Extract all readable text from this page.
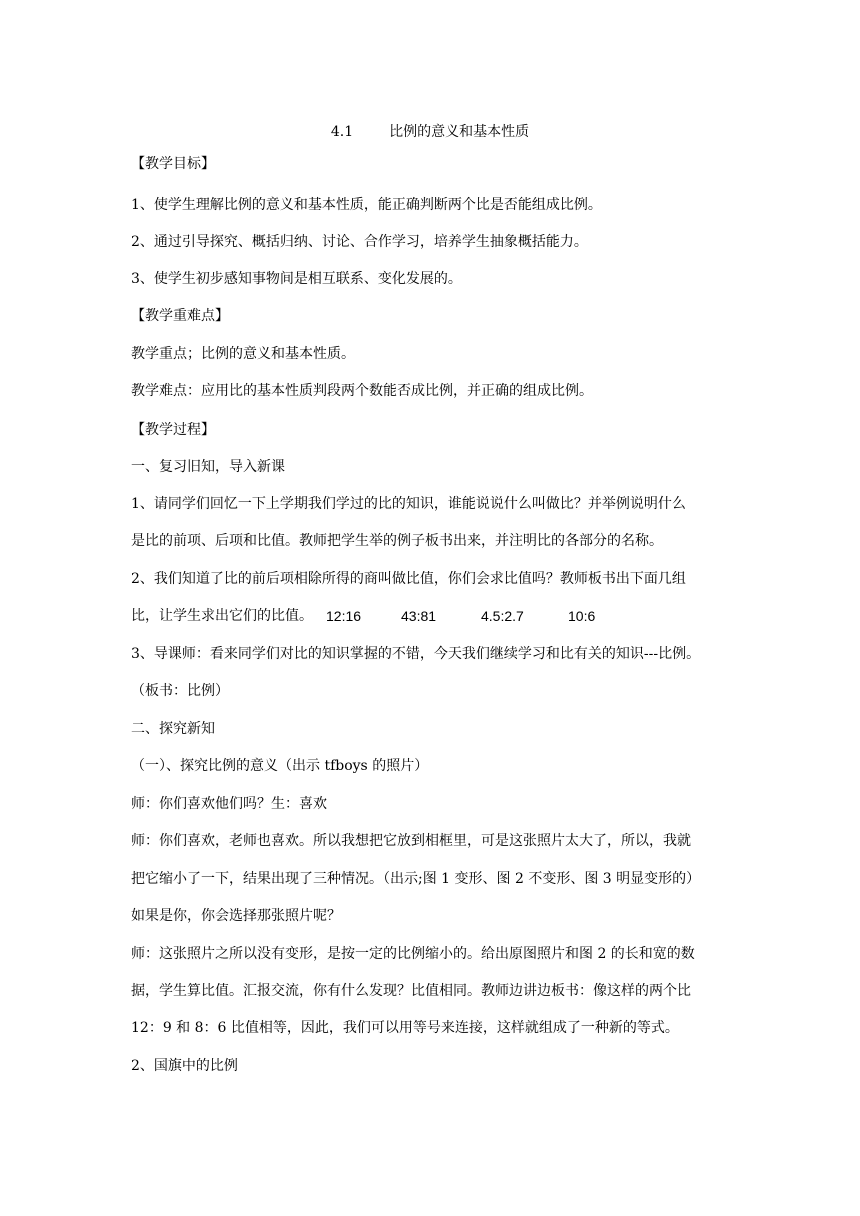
4.1	比例的意义和基本性质
【教学目标】
1、使学生理解比例的意义和基本性质，能正确判断两个比是否能组成比例。
2、通过引导探究、概括归纳、讨论、合作学习，培养学生抽象概括能力。
3、使学生初步感知事物间是相互联系、变化发展的。
【教学重难点】
教学重点；比例的意义和基本性质。
教学难点：应用比的基本性质判段两个数能否成比例，并正确的组成比例。
【教学过程】
一、复习旧知，导入新课
1、请同学们回忆一下上学期我们学过的比的知识，谁能说说什么叫做比？并举例说明什么
是比的前项、后项和比值。教师把学生举的例子板书出来，并注明比的各部分的名称。
2、我们知道了比的前后项相除所得的商叫做比值，你们会求比值吗？教师板书出下面几组
比，让学生求出它们的比值。 12:16	43:81	4.5:2.7	10:6
3、导课师：看来同学们对比的知识掌握的不错，今天我们继续学习和比有关的知识---比例。
（板书：比例）
二、探究新知
（一）、探究比例的意义（出示 tfboys 的照片）
师：你们喜欢他们吗？生：喜欢
师：你们喜欢，老师也喜欢。所以我想把它放到相框里，可是这张照片太大了，所以，我就
把它缩小了一下，结果出现了三种情况。（出示;图 1 变形、图 2 不变形、图 3 明显变形的）
如果是你，你会选择那张照片呢？
师：这张照片之所以没有变形，是按一定的比例缩小的。给出原图照片和图 2 的长和宽的数
据，学生算比值。汇报交流，你有什么发现？比值相同。教师边讲边板书：像这样的两个比
12：9 和 8：6 比值相等，因此，我们可以用等号来连接，这样就组成了一种新的等式。
2、国旗中的比例
